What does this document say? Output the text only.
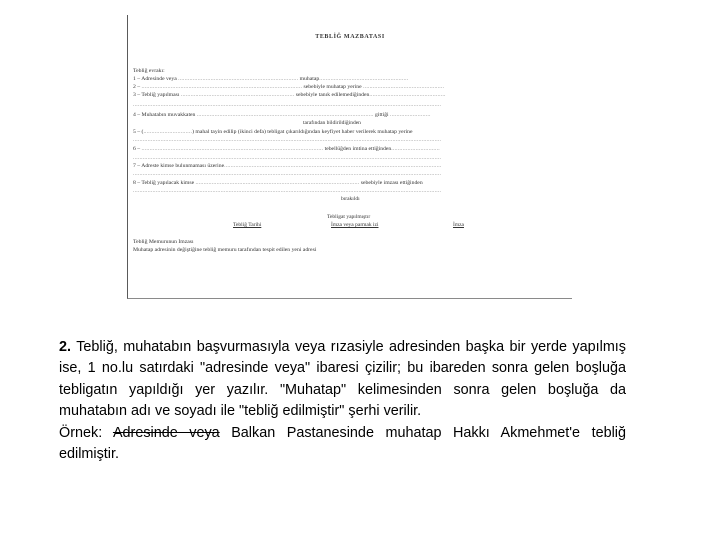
TEBLİĞ MAZBATASI
Tebliğ evrakı:
1 – Adresinde veya .......................................................................... muhatap.......................................................
2 – ................................................................................................... sebebiyle muhatap yerine ..................................................
3 – Tebliğ yapılması ...................................................................... sebebiyle tanık edilemediğinden...............................................
..............................................................................................................................................................................................
4 – Muhatabın muvakkaten ............................................................................................................. gittiği .........................
tarafından bildirildiğinden
5 – (..............................) mahal tayin edilip (ikinci defa) tebligat çıkarıldığından keyfiyet haber verilerek muhatap yerine
..............................................................................................................................................................................................
6 – ................................................................................................................ tebellüğden imtina ettiğinden..............................
..............................................................................................................................................................................................
7 – Adreste kimse bulunmaması üzerine......................................................................................................................................
..............................................................................................................................................................................................
8 – Tebliğ yapılacak kimse ..................................................................................................... sebebiyle imzası ettiğinden
..............................................................................................................................................................................................
bırakıldı
Tebligat yapılmıştır
Tebliğ Tarihi	İmza veya parmak izi	İmza
Tebliğ Memurunun İmzası
Muhatap adresinin değiştiğine tebliğ memuru tarafından tespit edilen yeni adresi

2. Tebliğ, muhatabın başvurmasıyla veya rızasiyle adresinden başka bir yerde yapılmış ise, 1 no.lu satırdaki "adresinde veya" ibaresi çizilir; bu ibareden sonra gelen boşluğa tebligatın yapıldığı yer yazılır. "Muhatap" kelimesinden sonra gelen boşluğa da muhatabın adı ve soyadı ile "tebliğ edilmiştir" şerhi verilir.

Örnek: Adresinde veya Balkan Pastanesinde muhatap Hakkı Akmehmet'e tebliğ edilmiştir.
